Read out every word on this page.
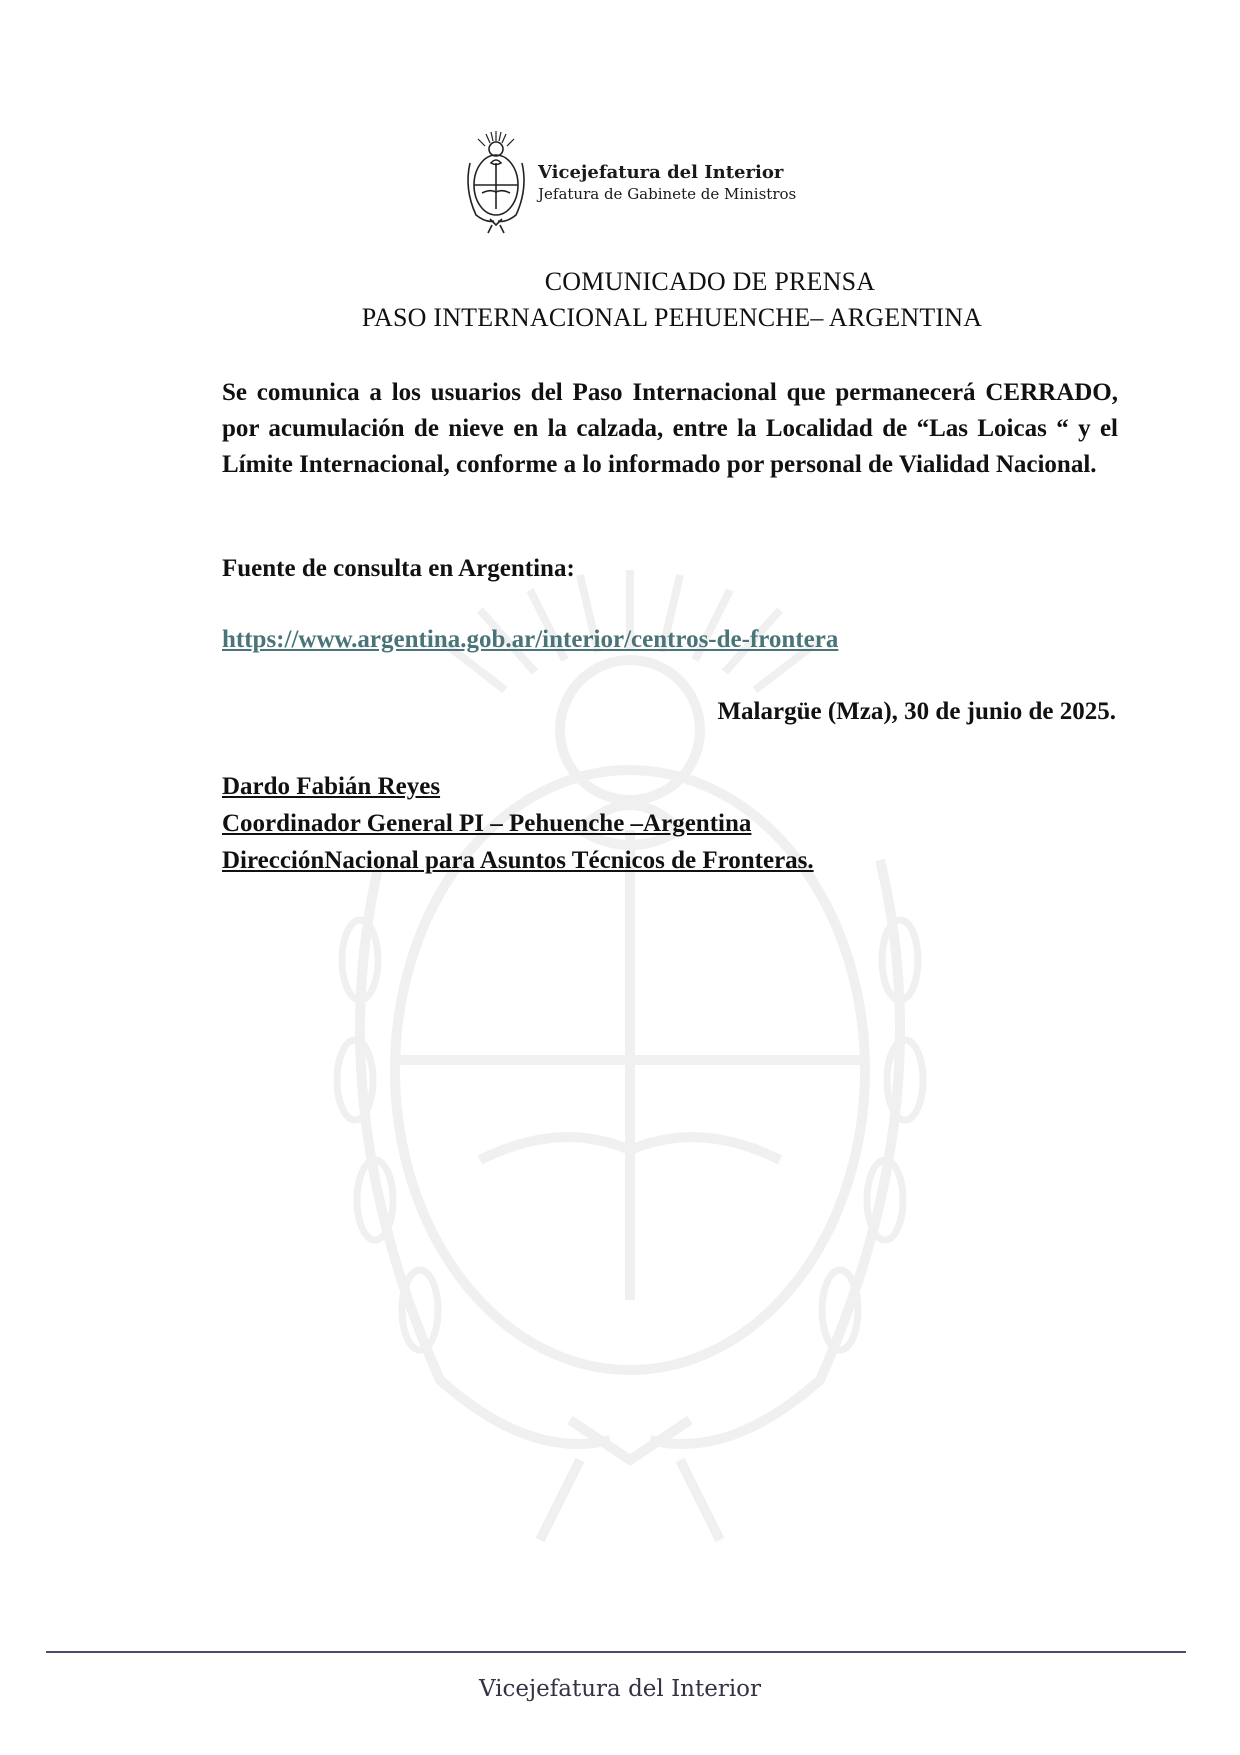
Vicejefatura del Interior
Jefatura de Gabinete de Ministros
COMUNICADO DE PRENSA
PASO INTERNACIONAL PEHUENCHE– ARGENTINA
Se comunica a los usuarios del Paso Internacional que permanecerá CERRADO, por acumulación de nieve en la calzada, entre la Localidad de “Las Loicas “ y el Límite Internacional, conforme a lo informado por personal de Vialidad Nacional.
Fuente de consulta en Argentina:
https://www.argentina.gob.ar/interior/centros-de-frontera
Malargüe (Mza), 30 de junio de 2025.
Dardo Fabián Reyes
Coordinador General PI – Pehuenche –Argentina
DirecciónNacional para Asuntos Técnicos de Fronteras.
Vicejefatura del Interior
